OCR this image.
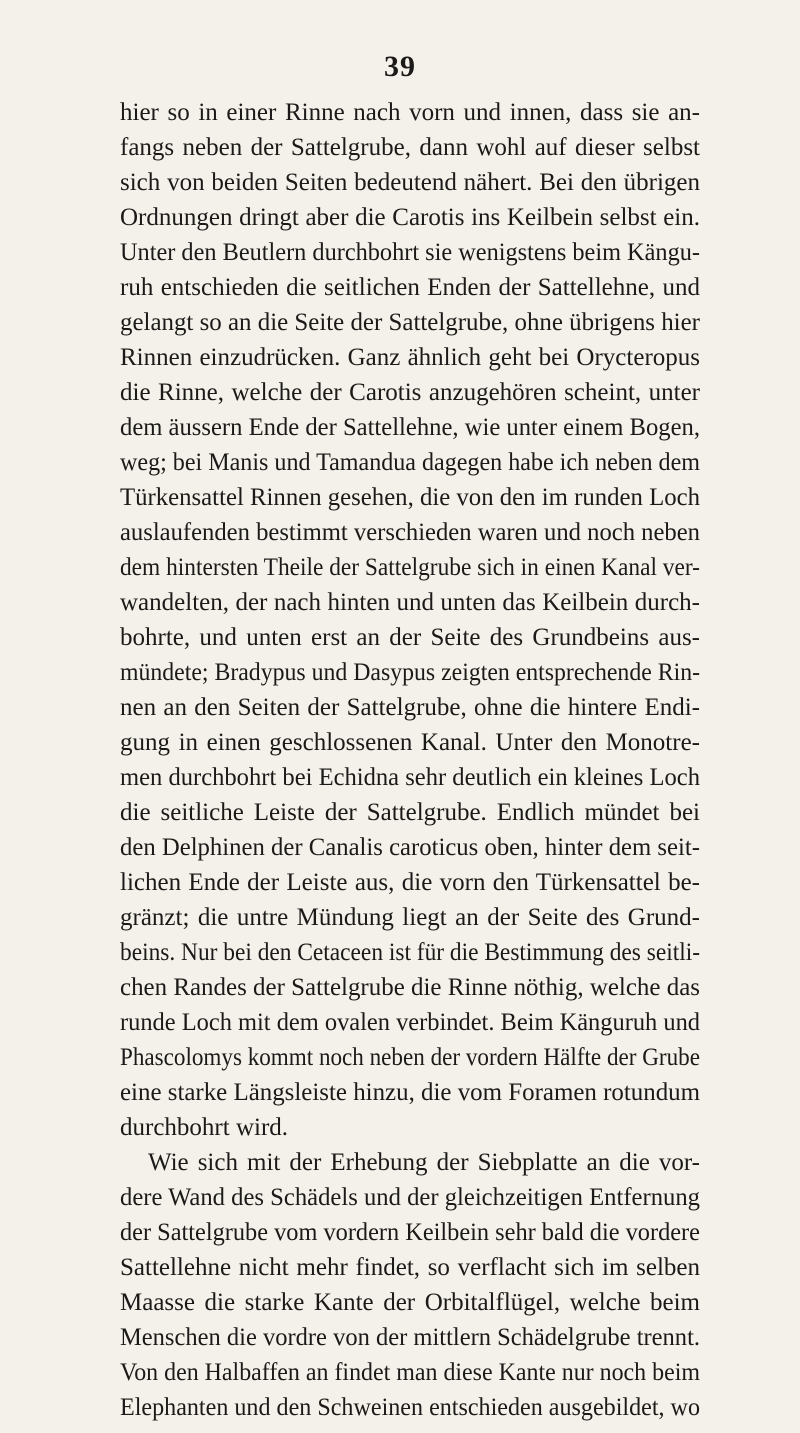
39
hier so in einer Rinne nach vorn und innen, dass sie an-
fangs neben der Sattelgrube, dann wohl auf dieser selbst
sich von beiden Seiten bedeutend nähert. Bei den übrigen
Ordnungen dringt aber die Carotis ins Keilbein selbst ein.
Unter den Beutlern durchbohrt sie wenigstens beim Kängu-
ruh entschieden die seitlichen Enden der Sattellehne, und
gelangt so an die Seite der Sattelgrube, ohne übrigens hier
Rinnen einzudrücken. Ganz ähnlich geht bei Orycteropus
die Rinne, welche der Carotis anzugehören scheint, unter
dem äussern Ende der Sattellehne, wie unter einem Bogen,
weg; bei Manis und Tamandua dagegen habe ich neben dem
Türkensattel Rinnen gesehen, die von den im runden Loch
auslaufenden bestimmt verschieden waren und noch neben
dem hintersten Theile der Sattelgrube sich in einen Kanal ver-
wandelten, der nach hinten und unten das Keilbein durch-
bohrte, und unten erst an der Seite des Grundbeins aus-
mündete; Bradypus und Dasypus zeigten entsprechende Rin-
nen an den Seiten der Sattelgrube, ohne die hintere Endi-
gung in einen geschlossenen Kanal. Unter den Monotre-
men durchbohrt bei Echidna sehr deutlich ein kleines Loch
die seitliche Leiste der Sattelgrube. Endlich mündet bei
den Delphinen der Canalis caroticus oben, hinter dem seit-
lichen Ende der Leiste aus, die vorn den Türkensattel be-
gränzt; die untre Mündung liegt an der Seite des Grund-
beins. Nur bei den Cetaceen ist für die Bestimmung des seitli-
chen Randes der Sattelgrube die Rinne nöthig, welche das
runde Loch mit dem ovalen verbindet. Beim Känguruh und
Phascolomys kommt noch neben der vordern Hälfte der Grube
eine starke Längsleiste hinzu, die vom Foramen rotundum
durchbohrt wird.
Wie sich mit der Erhebung der Siebplatte an die vor-
dere Wand des Schädels und der gleichzeitigen Entfernung
der Sattelgrube vom vordern Keilbein sehr bald die vordere
Sattellehne nicht mehr findet, so verflacht sich im selben
Maasse die starke Kante der Orbitalflügel, welche beim
Menschen die vordre von der mittlern Schädelgrube trennt.
Von den Halbaffen an findet man diese Kante nur noch beim
Elephanten und den Schweinen entschieden ausgebildet, wo
